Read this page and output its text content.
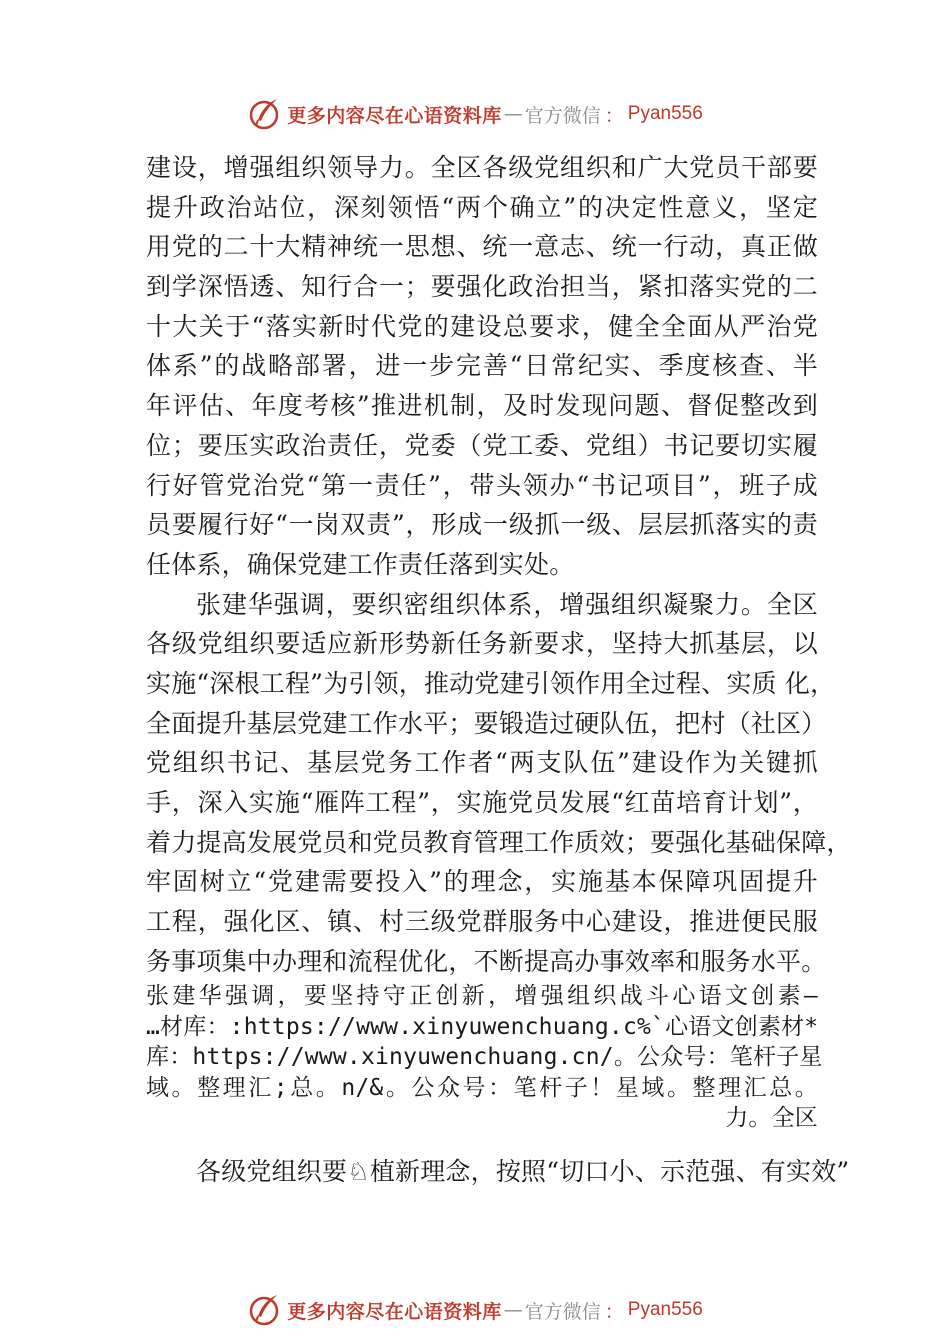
更多内容尽在心语资料库 — 官方微信 ： Pyan556
建设，增强组织领导力。全区各级党组织和广大党员干部要
提升政治站位，深刻领悟“两个确立”的决定性意义，坚定
用党的二十大精神统一思想、统一意志、统一行动，真正做
到学深悟透、知行合一；要强化政治担当，紧扣落实党的二
十大关于“落实新时代党的建设总要求，健全全面从严治党
体系”的战略部署，进一步完善“日常纪实、季度核查、半
年评估、年度考核”推进机制，及时发现问题、督促整改到
位；要压实政治责任，党委（党工委、党组）书记要切实履
行好管党治党“第一责任”，带头领办“书记项目”，班子成
员要履行好“一岗双责”，形成一级抓一级、层层抓落实的责
任体系，确保党建工作责任落到实处。
张建华强调，要织密组织体系，增强组织凝聚力。全区
各级党组织要适应新形势新任务新要求，坚持大抓基层，以
实施“深根工程”为引领，推动党建引领作用全过程、实质 化，
全面提升基层党建工作水平；要锻造过硬队伍，把村（社区）
党组织书记、基层党务工作者“两支队伍”建设作为关键抓
手，深入实施“雁阵工程”，实施党员发展“红苗培育计划”，
着力提高发展党员和党员教育管理工作质效；要强化基础保障，
牢固树立“党建需要投入”的理念，实施基本保障巩固提升
工程，强化区、镇、村三级党群服务中心建设，推进便民服
务事项集中办理和流程优化，不断提高办事效率和服务水平。
张建华强调，要坚持守正创新，增强组织战斗心语文创素—
…材库：:https://www.xinyuwenchuang.c%`心语文创素材*
库：https://www.xinyuwenchuang.cn/。公众号：笔杆子星
域。整理汇;总。n/&。公众号：笔杆子！星域。整理汇总。
力。全区
各级党组织要♘植新理念，按照“切口小、示范强、有实效”
更多内容尽在心语资料库 — 官方微信 ： Pyan556
